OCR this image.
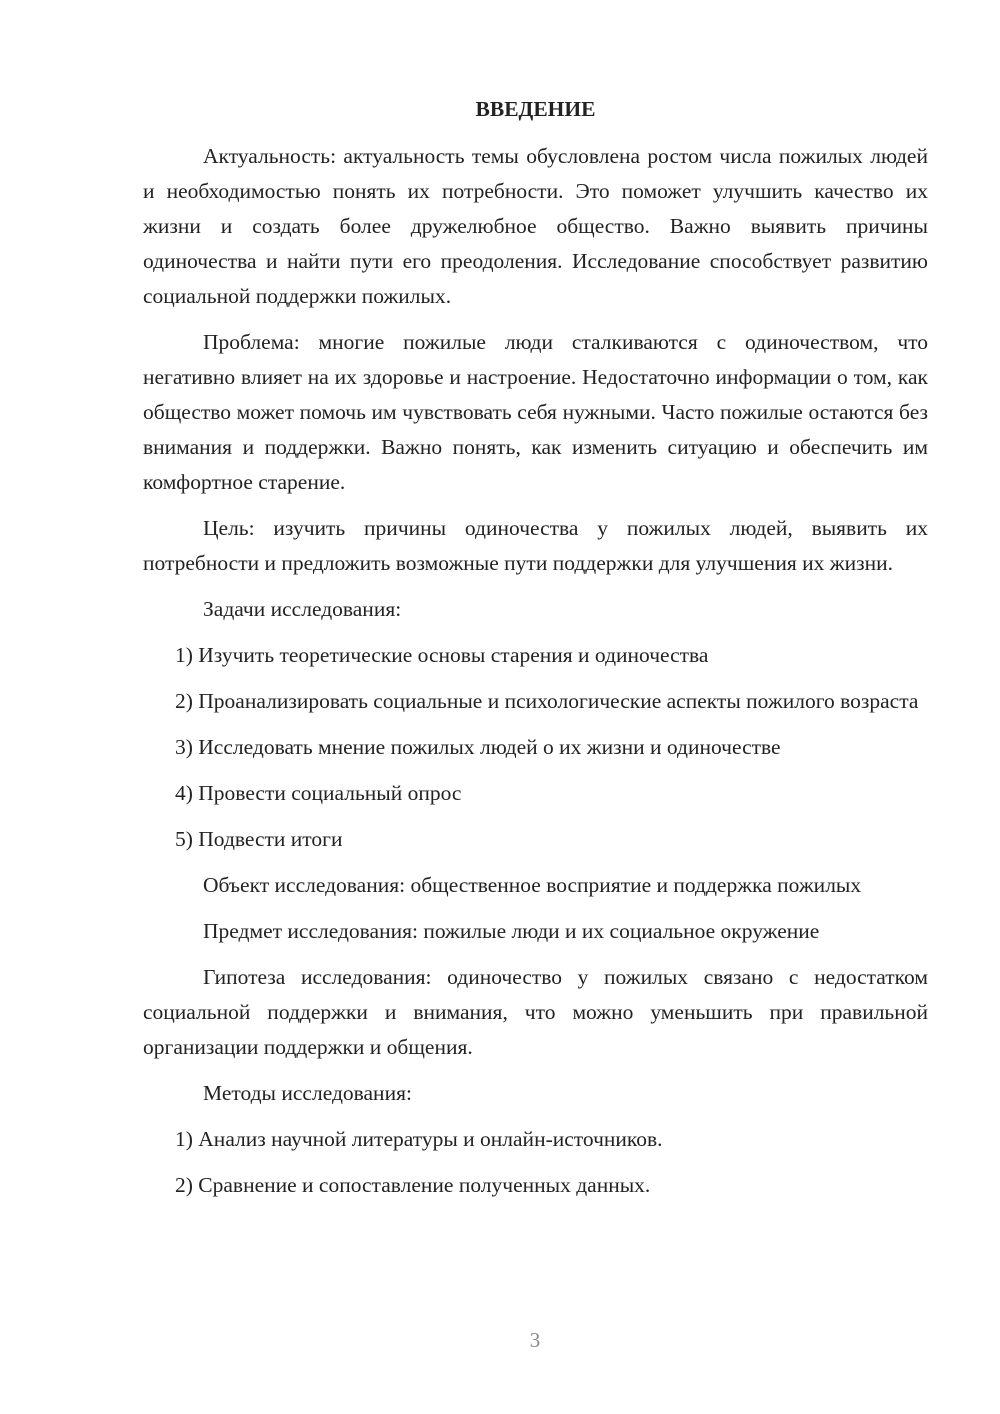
ВВЕДЕНИЕ

Актуальность: актуальность темы обусловлена ростом числа пожилых людей и необходимостью понять их потребности. Это поможет улучшить качество их жизни и создать более дружелюбное общество. Важно выявить причины одиночества и найти пути его преодоления. Исследование способствует развитию социальной поддержки пожилых.

Проблема: многие пожилые люди сталкиваются с одиночеством, что негативно влияет на их здоровье и настроение. Недостаточно информации о том, как общество может помочь им чувствовать себя нужными. Часто пожилые остаются без внимания и поддержки. Важно понять, как изменить ситуацию и обеспечить им комфортное старение.

Цель: изучить причины одиночества у пожилых людей, выявить их потребности и предложить возможные пути поддержки для улучшения их жизни.

Задачи исследования:

1) Изучить теоретические основы старения и одиночества

2) Проанализировать социальные и психологические аспекты пожилого возраста

3) Исследовать мнение пожилых людей о их жизни и одиночестве

4) Провести социальный опрос

5) Подвести итоги

Объект исследования: общественное восприятие и поддержка пожилых

Предмет исследования: пожилые люди и их социальное окружение

Гипотеза исследования: одиночество у пожилых связано с недостатком социальной поддержки и внимания, что можно уменьшить при правильной организации поддержки и общения.

Методы исследования:

1) Анализ научной литературы и онлайн-источников.

2) Сравнение и сопоставление полученных данных.

3
